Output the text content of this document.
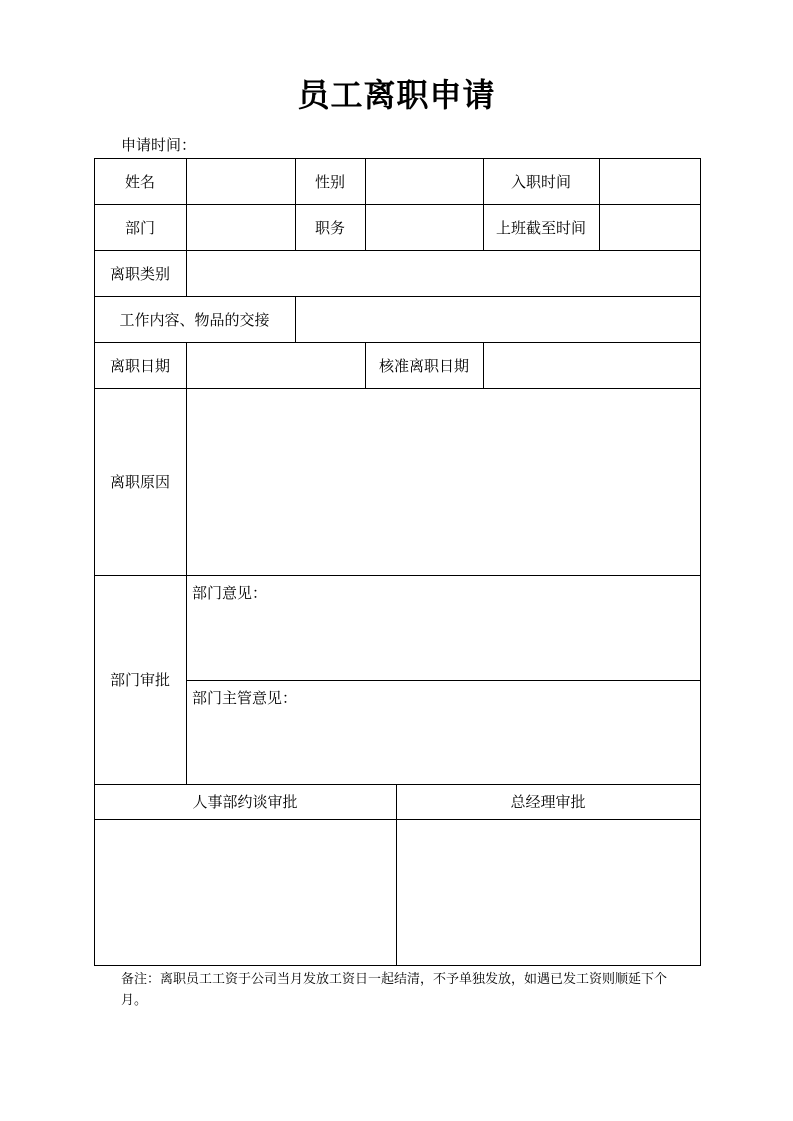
员工离职申请
申请时间：
姓名	性别	入职时间
部门	职务	上班截至时间
离职类别
工作内容、物品的交接
离职日期	核准离职日期
离职原因
部门审批
部门意见：
部门主管意见：
人事部约谈审批	总经理审批
备注：离职员工工资于公司当月发放工资日一起结清，不予单独发放，如遇已发工资则顺延下个月。
